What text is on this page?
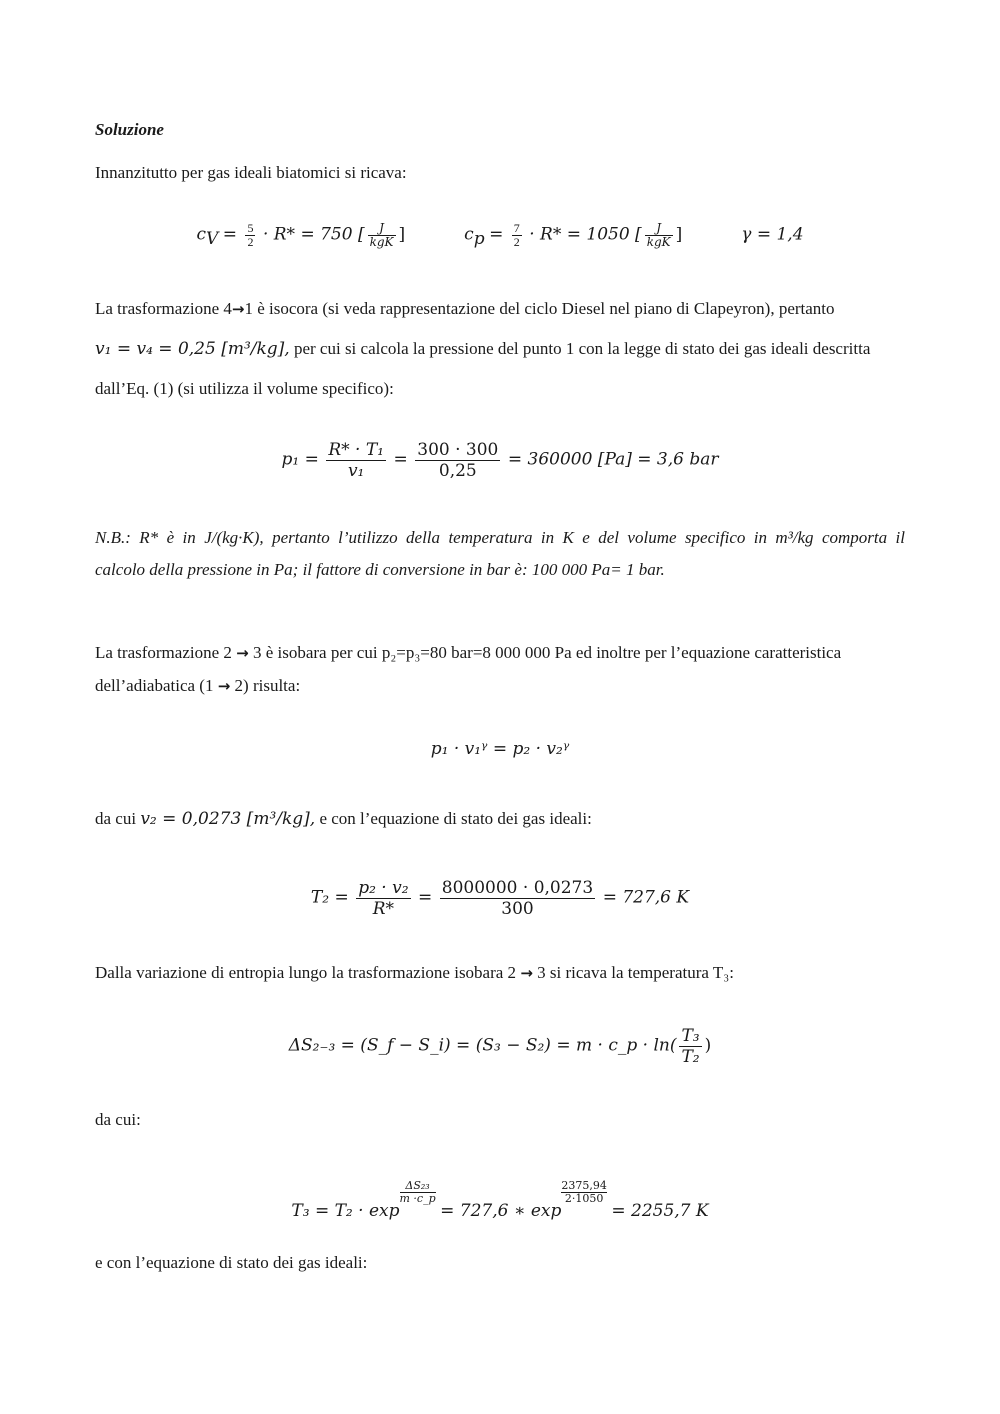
Soluzione
Innanzitutto per gas ideali biatomici si ricava:
$c_V = \frac{5}{2} \cdot R* = 750$ [ $\frac{J}{\text{kgK}}$ ]	$c_p = \frac{7}{2} \cdot R* = 1050$ [ $\frac{J}{\text{kgK}}$ ]	γ = 1,4
La trasformazione 4→1 è isocora (si veda rappresentazione del ciclo Diesel nel piano di Clapeyron), pertanto
v₁ = v₄ = 0,25 [m³/kg], per cui si calcola la pressione del punto 1 con la legge di stato dei gas ideali descritta
dall’Eq. (1) (si utilizza il volume specifico):
$p_1 = \frac{\text{R* · T₁}}{\text{v₁}} = \frac{300 \cdot 300}{0,25} = 360000$ [Pa] = 3,6 bar
N.B.: R* è in J/(kg·K), pertanto l’utilizzo della temperatura in K e del volume specifico in m³/kg comporta il
calcolo della pressione in Pa; il fattore di conversione in bar è: 100 000 Pa= 1 bar.
La trasformazione 2 → 3 è isobara per cui p₂=p₃=80 bar=8 000 000 Pa ed inoltre per l’equazione caratteristica
dell’adiabatica (1 → 2) risulta:
p₁ · v₁ᵞ = p₂ · v₂ᵞ
da cui v₂ = 0,0273 [m³/kg], e con l’equazione di stato dei gas ideali:
$T_2 = \frac{\text{p₂ · v₂}}{R*} = \frac{8000000 \cdot 0,0273}{300} = 727,6$ K
Dalla variazione di entropia lungo la trasformazione isobara 2 → 3 si ricava la temperatura T₃:
ΔS₂₋₃ = (S_f − S_i) = (S₃ − S₂) = m · c_p · $\ln( \frac{\text{T₃}}{\text{T₂}}$ )
da cui:
T₃ = T₂ · exp
$\frac{\text{ΔS₂₃}}{m \cdot c\_p}$
= 727,6 ∗ exp
$\frac{2375,94}{2\cdot 1050}$
= 2255,7 K
e con l’equazione di stato dei gas ideali:
